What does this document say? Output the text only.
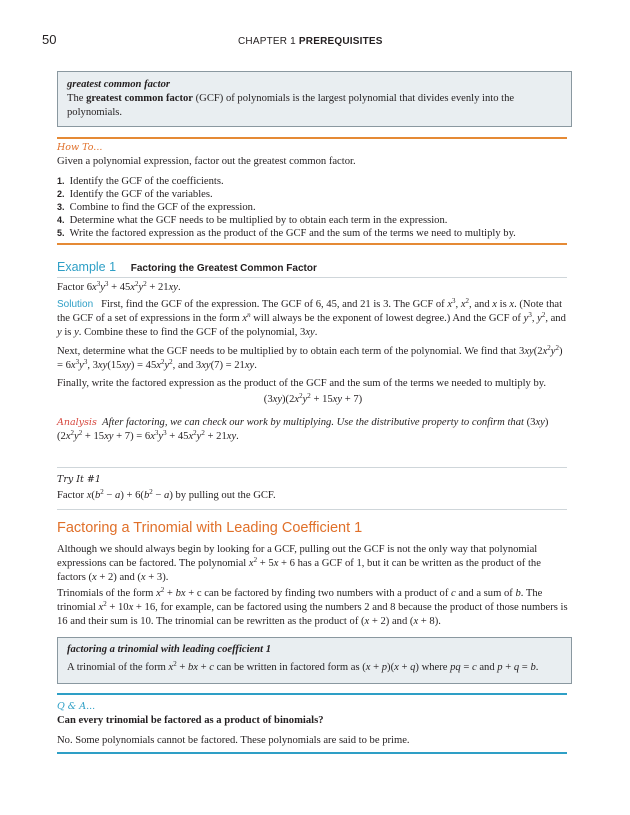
50	CHAPTER 1 PREREQUISITES
greatest common factor
The greatest common factor (GCF) of polynomials is the largest polynomial that divides evenly into the polynomials.
How To...
Given a polynomial expression, factor out the greatest common factor.
1. Identify the GCF of the coefficients.
2. Identify the GCF of the variables.
3. Combine to find the GCF of the expression.
4. Determine what the GCF needs to be multiplied by to obtain each term in the expression.
5. Write the factored expression as the product of the GCF and the sum of the terms we need to multiply by.
Example 1 Factoring the Greatest Common Factor
Factor $6x^3y^3 + 45x^2y^2 + 21xy$.
Solution   First, find the GCF of the expression. The GCF of 6, 45, and 21 is 3. The GCF of $x^3$, $x^2$, and x is x. (Note that the GCF of a set of expressions in the form $x^n$ will always be the exponent of lowest degree.) And the GCF of $y^3$, $y^2$, and y is y. Combine these to find the GCF of the polynomial, 3xy.
Next, determine what the GCF needs to be multiplied by to obtain each term of the polynomial. We find that $3xy(2x^2y^2) = 6x^3y^3$, $3xy(15xy) = 45x^2y^2$, and 3xy(7) = 21xy.
Finally, write the factored expression as the product of the GCF and the sum of the terms we needed to multiply by.
$(3xy)(2x^2y^2 + 15xy + 7)$
Analysis After factoring, we can check our work by multiplying. Use the distributive property to confirm that $(3xy)(2x^2y^2 + 15xy + 7) = 6x^3y^3 + 45x^2y^2 + 21xy$.
Try It #1
Factor $x(b^2 - a) + 6(b^2 - a)$ by pulling out the GCF.
Factoring a Trinomial with Leading Coefficient 1
Although we should always begin by looking for a GCF, pulling out the GCF is not the only way that polynomial expressions can be factored. The polynomial $x^2 + 5x + 6$ has a GCF of 1, but it can be written as the product of the factors (x + 2) and (x + 3).
Trinomials of the form $x^2$ + bx + c can be factored by finding two numbers with a product of c and a sum of b. The trinomial $x^2 + 10x + 16$, for example, can be factored using the numbers 2 and 8 because the product of those numbers is 16 and their sum is 10. The trinomial can be rewritten as the product of (x + 2) and (x + 8).
factoring a trinomial with leading coefficient 1
A trinomial of the form $x^2$ + bx + c can be written in factored form as (x + p)(x + q) where pq = c and p + q = b.
Q & A...
Can every trinomial be factored as a product of binomials?
No. Some polynomials cannot be factored. These polynomials are said to be prime.
